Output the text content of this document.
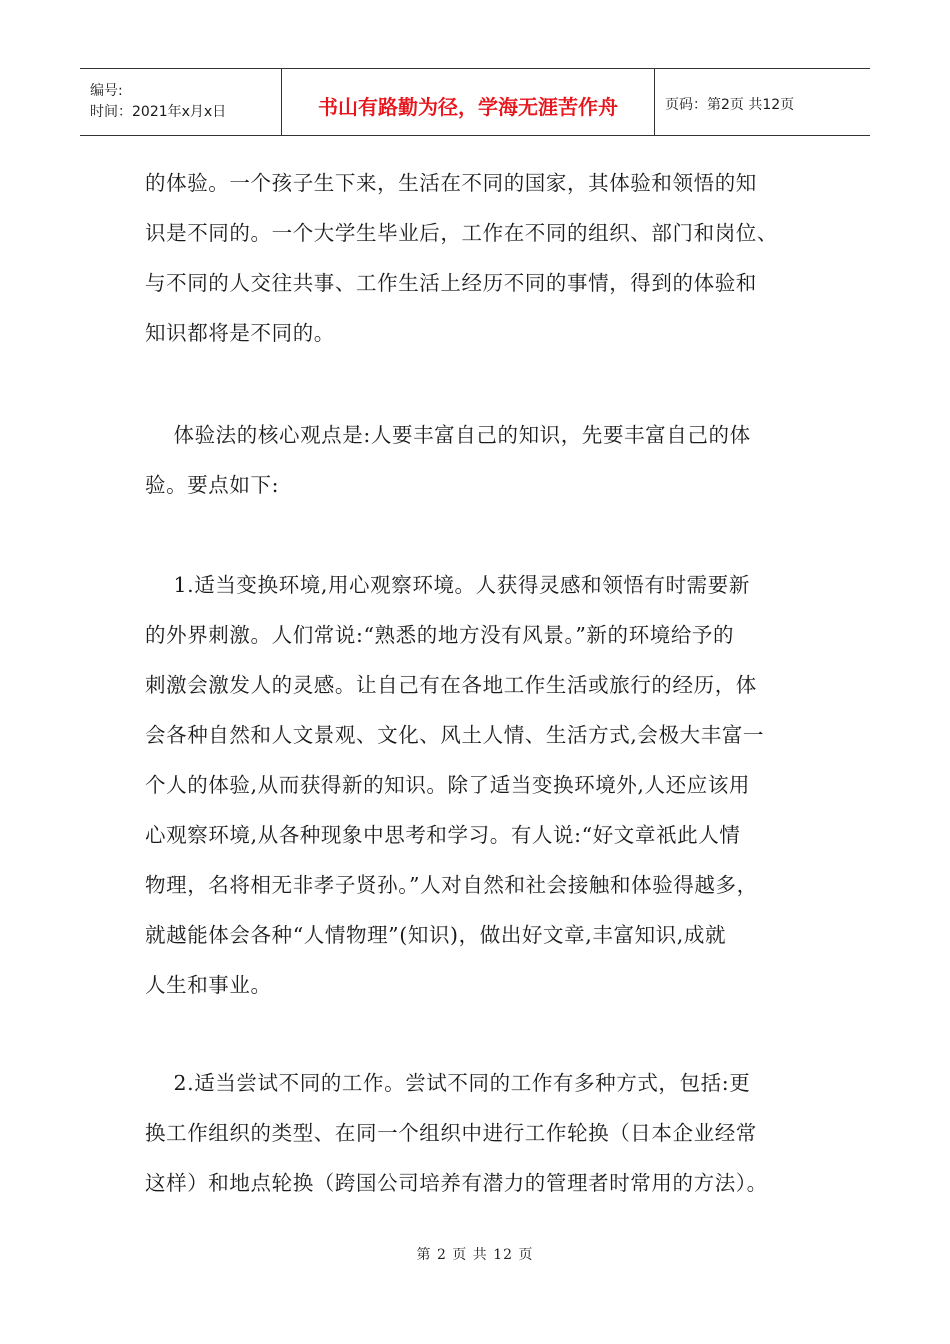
编号:
时间：2021年x月x日	书山有路勤为径，学海无涯苦作舟	页码：第2页 共12页
的体验。一个孩子生下来，生活在不同的国家，其体验和领悟的知
识是不同的。一个大学生毕业后，工作在不同的组织、部门和岗位、
与不同的人交往共事、工作生活上经历不同的事情，得到的体验和
知识都将是不同的。
体验法的核心观点是:人要丰富自己的知识，先要丰富自己的体
验。要点如下:
1.适当变换环境,用心观察环境。人获得灵感和领悟有时需要新
的外界刺激。人们常说:“熟悉的地方没有风景。”新的环境给予的
刺激会激发人的灵感。让自己有在各地工作生活或旅行的经历，体
会各种自然和人文景观、文化、风土人情、生活方式,会极大丰富一
个人的体验,从而获得新的知识。除了适当变换环境外,人还应该用
心观察环境,从各种现象中思考和学习。有人说:“好文章祇此人情
物理，名将相无非孝子贤孙。”人对自然和社会接触和体验得越多，
就越能体会各种“人情物理”(知识)，做出好文章,丰富知识,成就
人生和事业。
2.适当尝试不同的工作。尝试不同的工作有多种方式，包括:更
换工作组织的类型、在同一个组织中进行工作轮换（日本企业经常
这样）和地点轮换（跨国公司培养有潜力的管理者时常用的方法）。
第 2 页 共 12 页
